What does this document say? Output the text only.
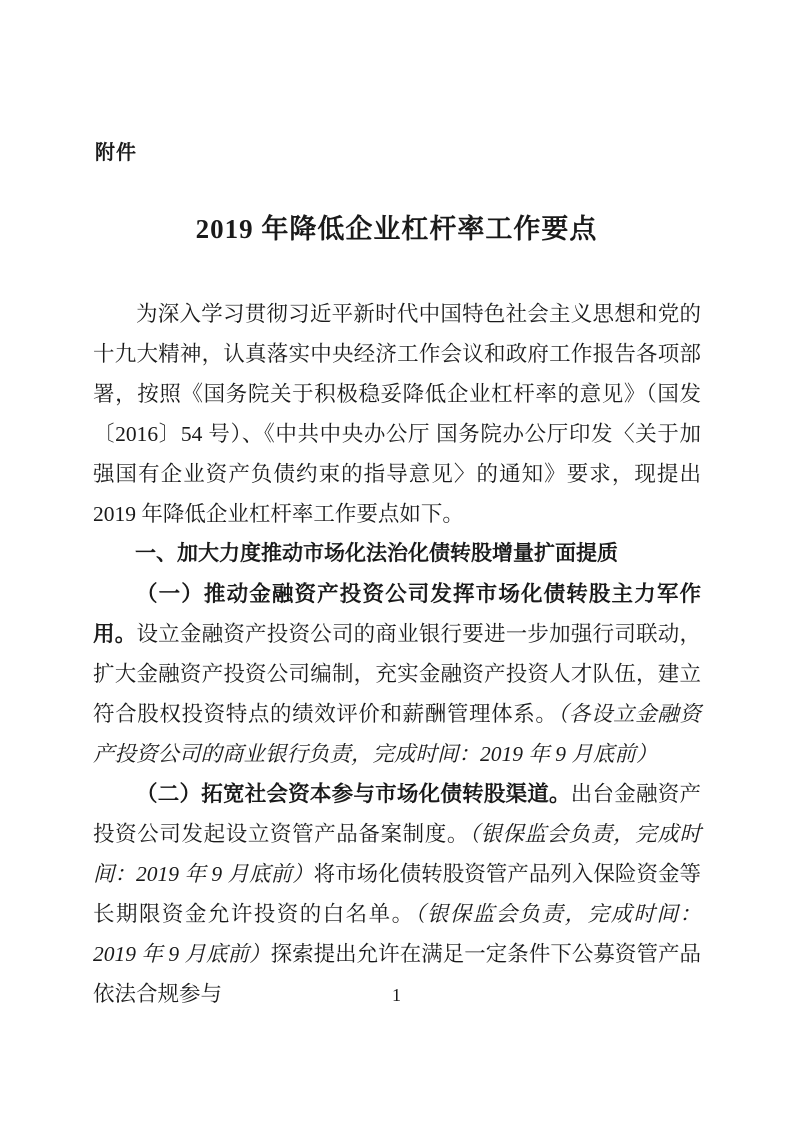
附件
2019 年降低企业杠杆率工作要点

为深入学习贯彻习近平新时代中国特色社会主义思想和党的十九大精神，认真落实中央经济工作会议和政府工作报告各项部署，按照《国务院关于积极稳妥降低企业杠杆率的意见》（国发〔2016〕54 号）、《中共中央办公厅 国务院办公厅印发〈关于加强国有企业资产负债约束的指导意见〉的通知》要求，现提出 2019 年降低企业杠杆率工作要点如下。

一、加大力度推动市场化法治化债转股增量扩面提质

（一）推动金融资产投资公司发挥市场化债转股主力军作用。设立金融资产投资公司的商业银行要进一步加强行司联动，扩大金融资产投资公司编制，充实金融资产投资人才队伍，建立符合股权投资特点的绩效评价和薪酬管理体系。（各设立金融资产投资公司的商业银行负责，完成时间：2019 年 9 月底前）

（二）拓宽社会资本参与市场化债转股渠道。出台金融资产投资公司发起设立资管产品备案制度。（银保监会负责，完成时间：2019 年 9 月底前）将市场化债转股资管产品列入保险资金等长期限资金允许投资的白名单。（银保监会负责，完成时间：2019 年 9 月底前）探索提出允许在满足一定条件下公募资管产品依法合规参与	1
